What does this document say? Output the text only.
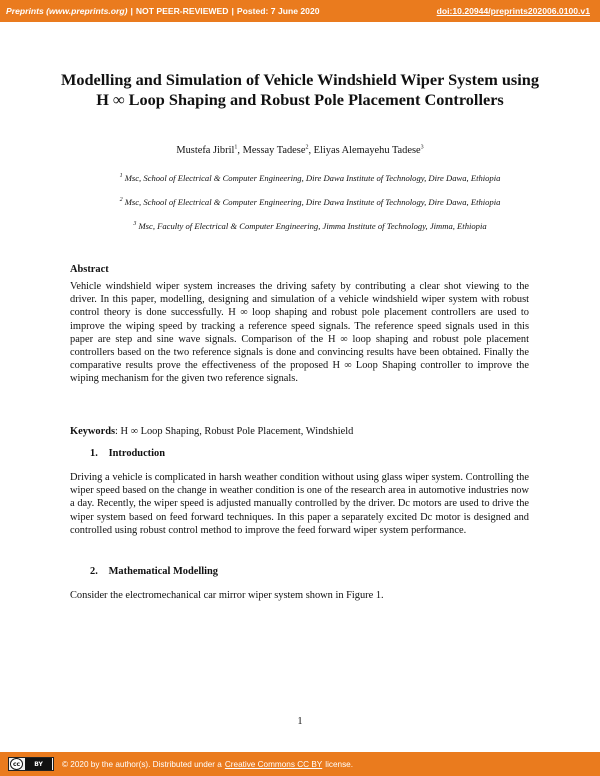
Preprints (www.preprints.org) | NOT PEER-REVIEWED | Posted: 7 June 2020	doi:10.20944/preprints202006.0100.v1
Modelling and Simulation of Vehicle Windshield Wiper System using H ∞ Loop Shaping and Robust Pole Placement Controllers
Mustefa Jibril$^1$, Messay Tadese$^2$, Eliyas Alemayehu Tadese$^3$
$^1$ Msc, School of Electrical & Computer Engineering, Dire Dawa Institute of Technology, Dire Dawa, Ethiopia
$^2$ Msc, School of Electrical & Computer Engineering, Dire Dawa Institute of Technology, Dire Dawa, Ethiopia
$^3$ Msc, Faculty of Electrical & Computer Engineering, Jimma Institute of Technology, Jimma, Ethiopia
Abstract

Vehicle windshield wiper system increases the driving safety by contributing a clear shot viewing to the driver. In this paper, modelling, designing and simulation of a vehicle windshield wiper system with robust control theory is done successfully. H ∞ loop shaping and robust pole placement controllers are used to improve the wiping speed by tracking a reference speed signals. The reference speed signals used in this paper are step and sine wave signals. Comparison of the H ∞ loop shaping and robust pole placement controllers based on the two reference signals is done and convincing results have been obtained. Finally the comparative results prove the effectiveness of the proposed H ∞ Loop Shaping controller to improve the wiping mechanism for the given two reference signals.

Keywords: H ∞ Loop Shaping, Robust Pole Placement, Windshield

1. Introduction

Driving a vehicle is complicated in harsh weather condition without using glass wiper system. Controlling the wiper speed based on the change in weather condition is one of the research area in automotive industries now a day. Recently, the wiper speed is adjusted manually controlled by the driver. Dc motors are used to drive the wiper system based on feed forward techniques. In this paper a separately excited Dc motor is designed and controlled using robust control method to improve the feed forward wiper system performance.

2. Mathematical Modelling

Consider the electromechanical car mirror wiper system shown in Figure 1.

1
cc	BY	© 2020 by the author(s). Distributed under a Creative Commons CC BY license.
